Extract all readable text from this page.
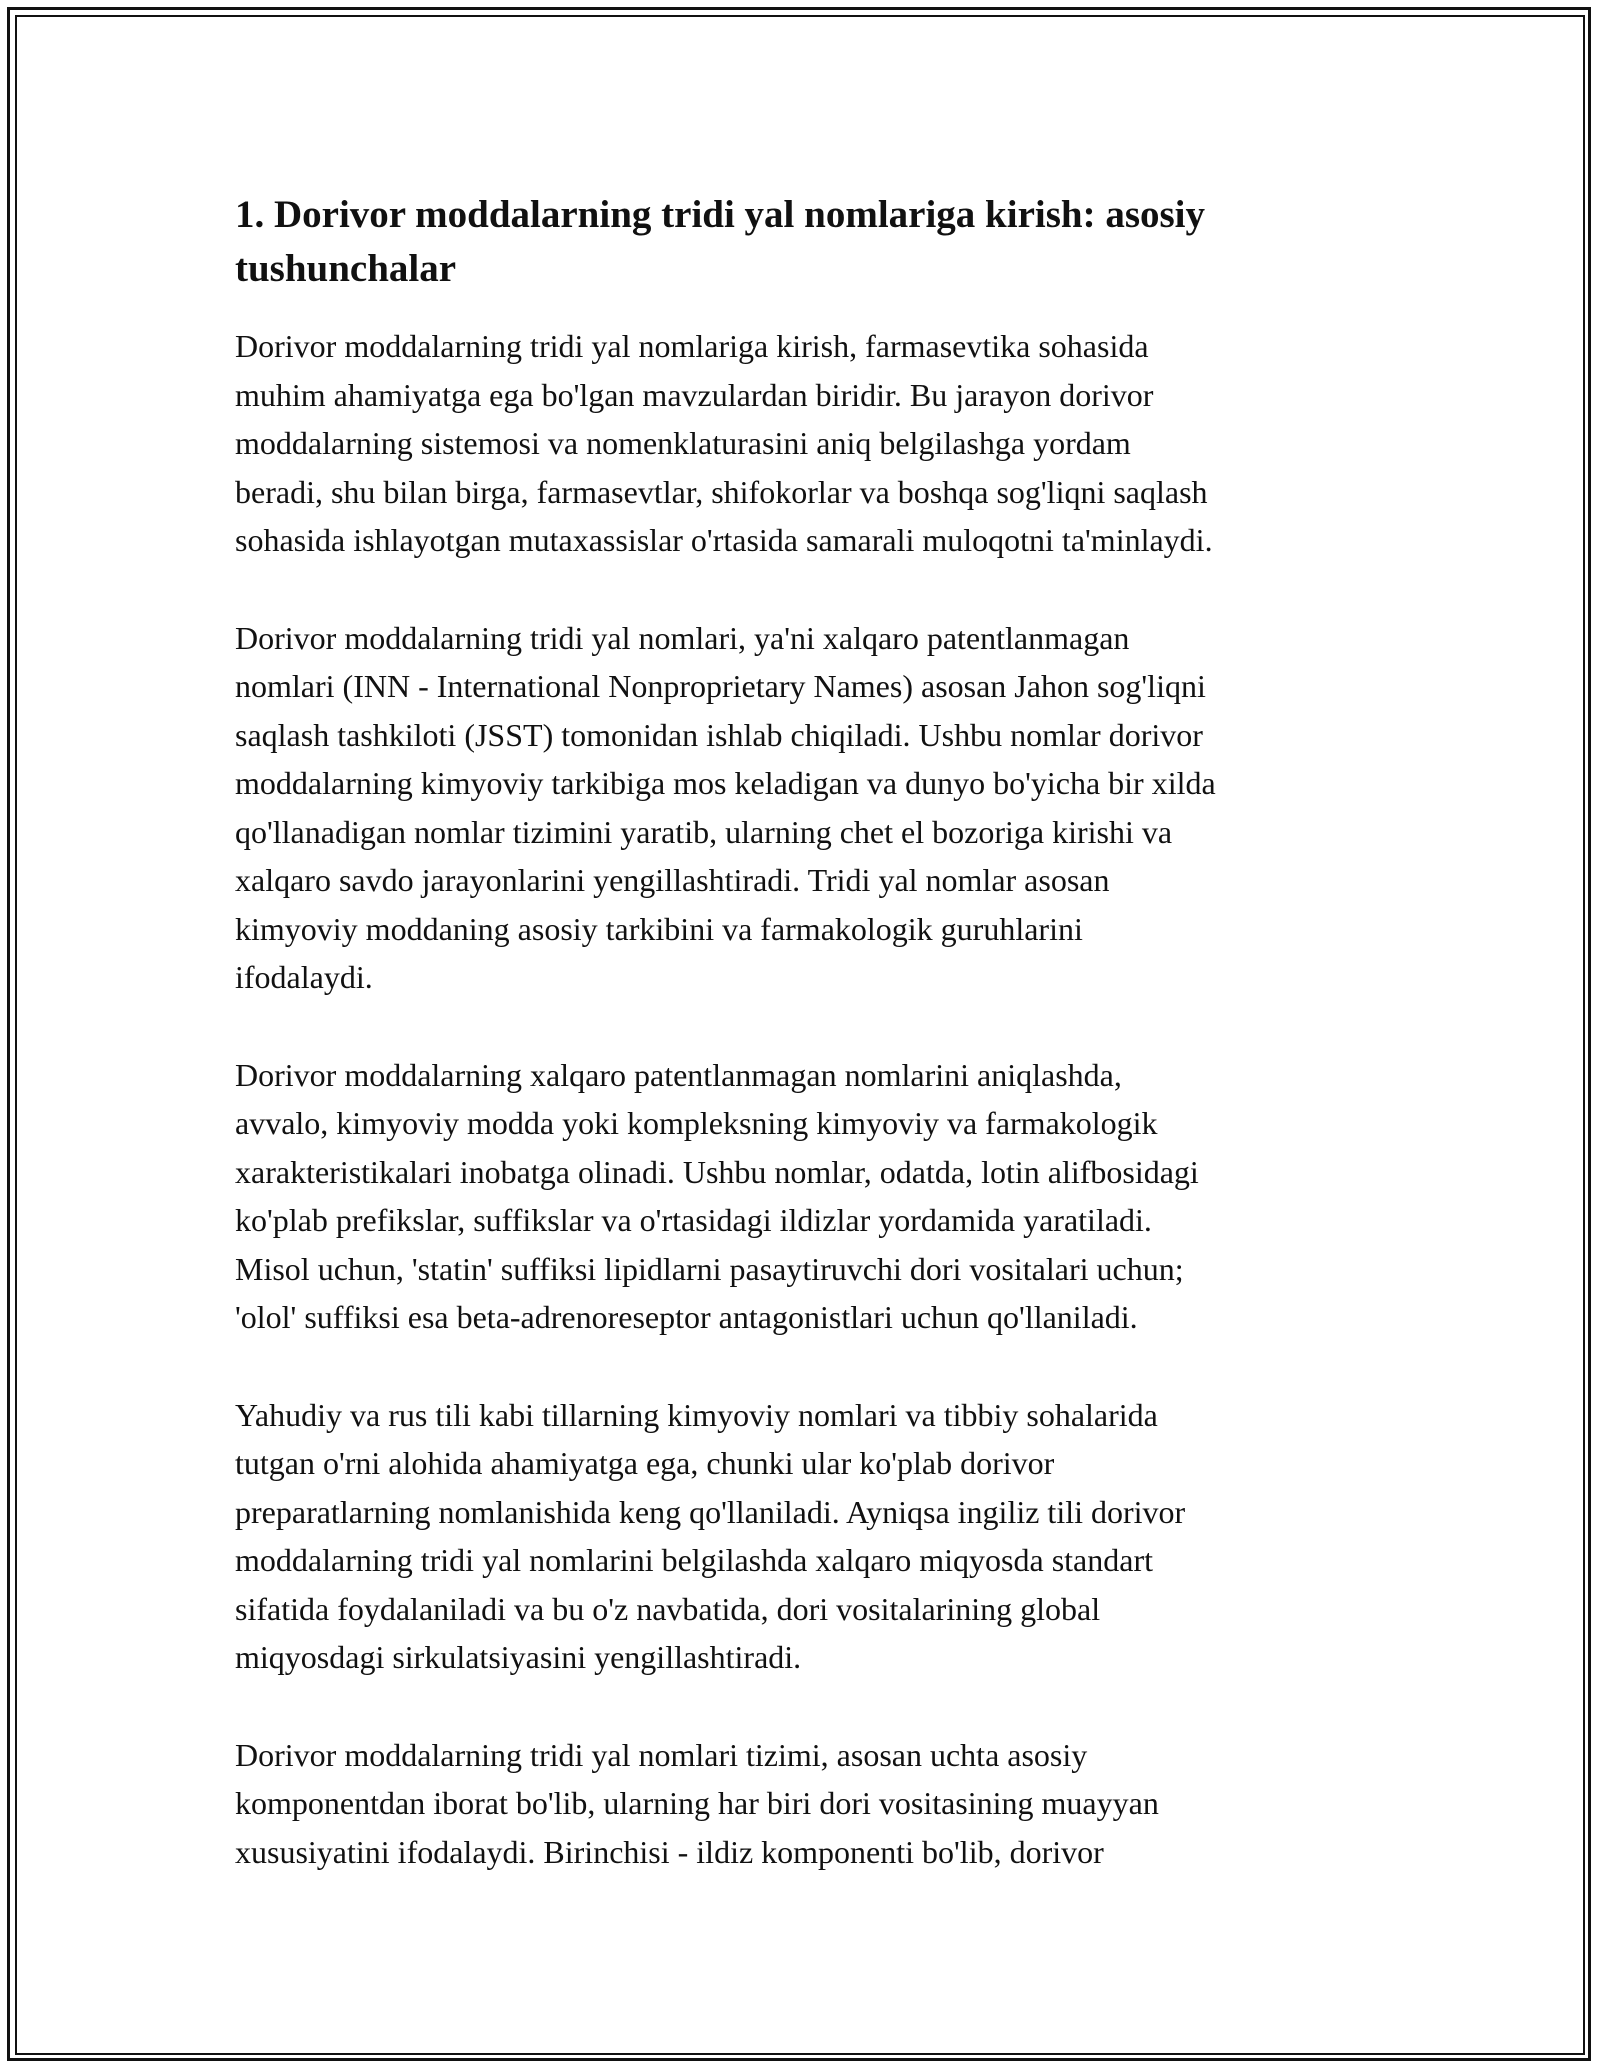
1. Dorivor moddalarning tridi yal nomlariga kirish: asosiy
tushunchalar

Dorivor moddalarning tridi yal nomlariga kirish, farmasevtika sohasida
muhim ahamiyatga ega bo'lgan mavzulardan biridir. Bu jarayon dorivor
moddalarning sistemosi va nomenklaturasini aniq belgilashga yordam
beradi, shu bilan birga, farmasevtlar, shifokorlar va boshqa sog'liqni saqlash
sohasida ishlayotgan mutaxassislar o'rtasida samarali muloqotni ta'minlaydi.

Dorivor moddalarning tridi yal nomlari, ya'ni xalqaro patentlanmagan
nomlari (INN - International Nonproprietary Names) asosan Jahon sog'liqni
saqlash tashkiloti (JSST) tomonidan ishlab chiqiladi. Ushbu nomlar dorivor
moddalarning kimyoviy tarkibiga mos keladigan va dunyo bo'yicha bir xilda
qo'llanadigan nomlar tizimini yaratib, ularning chet el bozoriga kirishi va
xalqaro savdo jarayonlarini yengillashtiradi. Tridi yal nomlar asosan
kimyoviy moddaning asosiy tarkibini va farmakologik guruhlarini
ifodalaydi.

Dorivor moddalarning xalqaro patentlanmagan nomlarini aniqlashda,
avvalo, kimyoviy modda yoki kompleksning kimyoviy va farmakologik
xarakteristikalari inobatga olinadi. Ushbu nomlar, odatda, lotin alifbosidagi
ko'plab prefikslar, suffikslar va o'rtasidagi ildizlar yordamida yaratiladi.
Misol uchun, 'statin' suffiksi lipidlarni pasaytiruvchi dori vositalari uchun;
'olol' suffiksi esa beta-adrenoreseptor antagonistlari uchun qo'llaniladi.

Yahudiy va rus tili kabi tillarning kimyoviy nomlari va tibbiy sohalarida
tutgan o'rni alohida ahamiyatga ega, chunki ular ko'plab dorivor
preparatlarning nomlanishida keng qo'llaniladi. Ayniqsa ingiliz tili dorivor
moddalarning tridi yal nomlarini belgilashda xalqaro miqyosda standart
sifatida foydalaniladi va bu o'z navbatida, dori vositalarining global
miqyosdagi sirkulatsiyasini yengillashtiradi.

Dorivor moddalarning tridi yal nomlari tizimi, asosan uchta asosiy
komponentdan iborat bo'lib, ularning har biri dori vositasining muayyan
xususiyatini ifodalaydi. Birinchisi - ildiz komponenti bo'lib, dorivor
